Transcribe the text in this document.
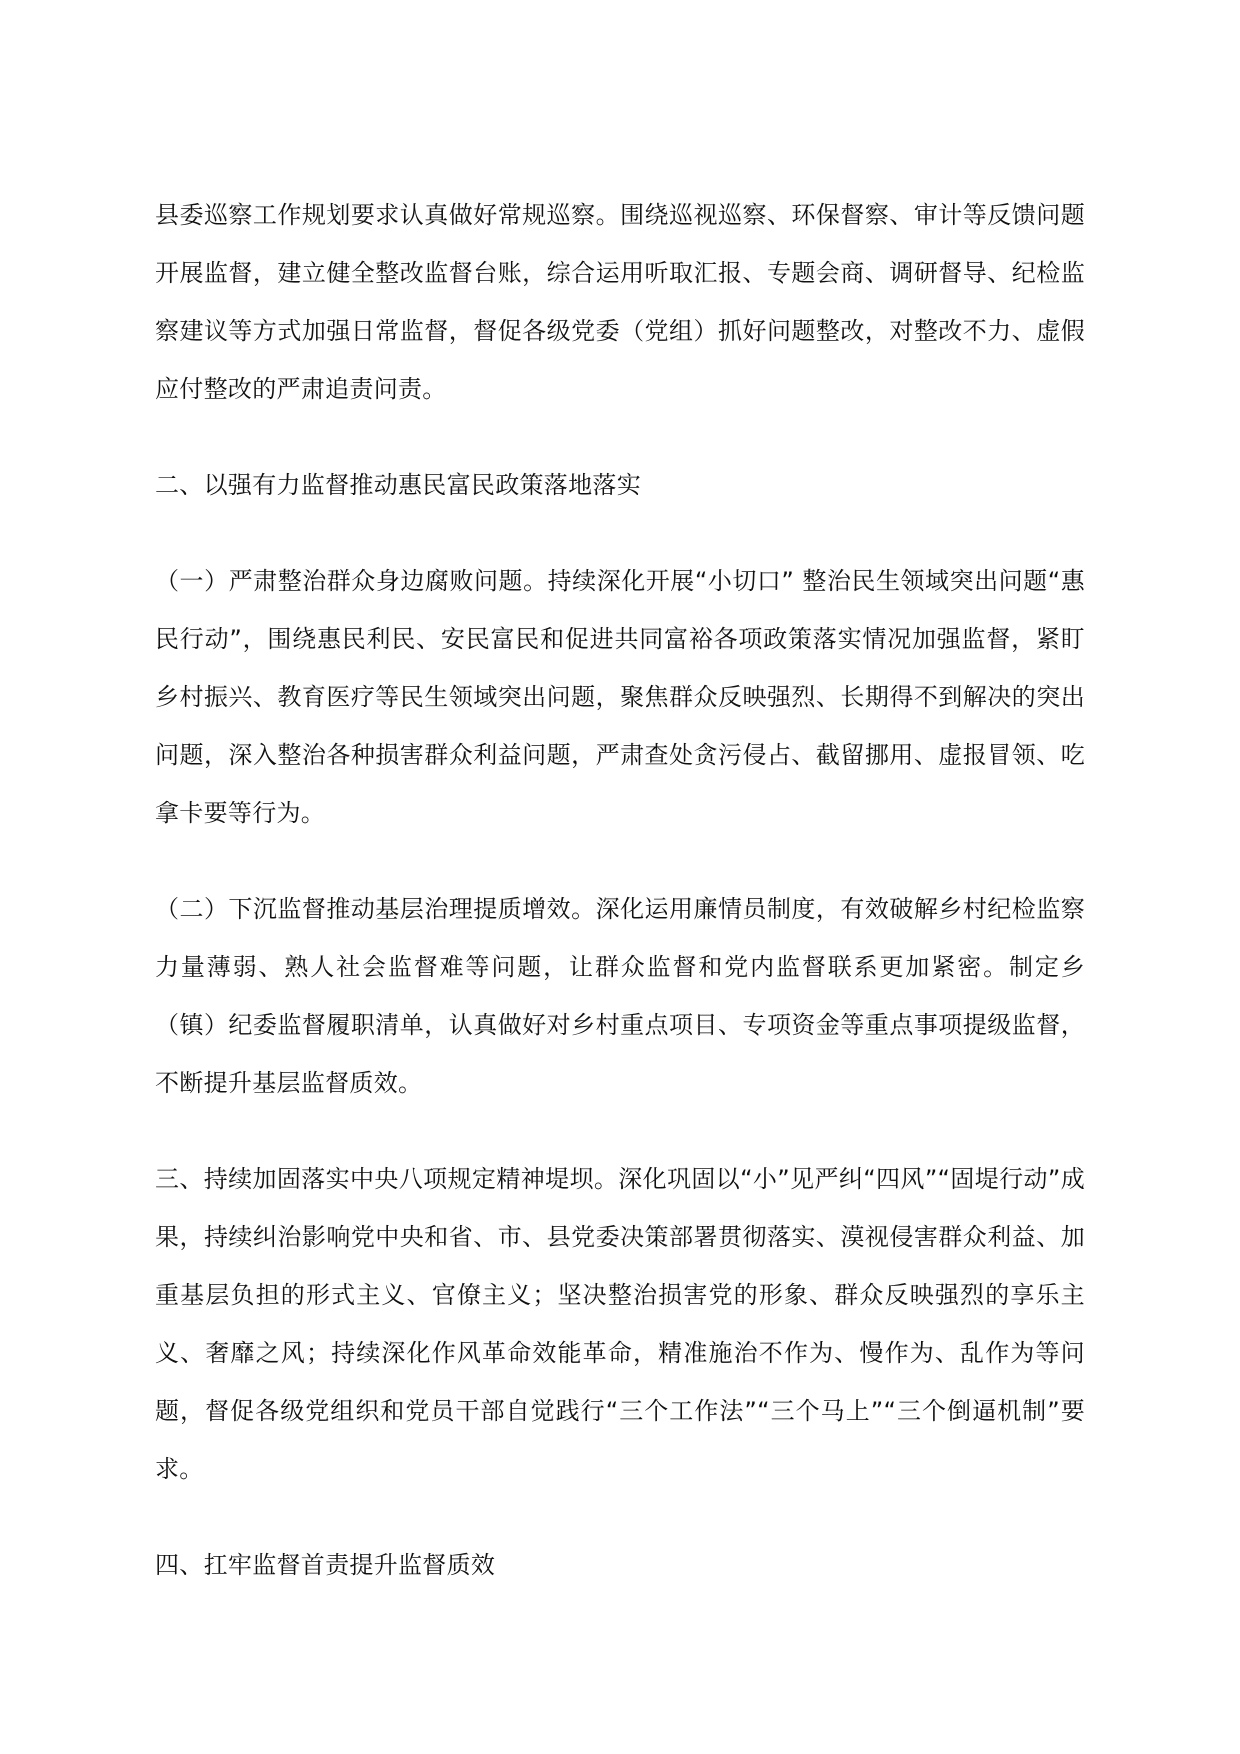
县委巡察工作规划要求认真做好常规巡察。围绕巡视巡察、环保督察、审计等反馈问题开展监督，建立健全整改监督台账，综合运用听取汇报、专题会商、调研督导、纪检监察建议等方式加强日常监督，督促各级党委（党组）抓好问题整改，对整改不力、虚假应付整改的严肃追责问责。

二、以强有力监督推动惠民富民政策落地落实

（一）严肃整治群众身边腐败问题。持续深化开展“小切口” 整治民生领域突出问题“惠民行动”，围绕惠民利民、安民富民和促进共同富裕各项政策落实情况加强监督，紧盯乡村振兴、教育医疗等民生领域突出问题，聚焦群众反映强烈、长期得不到解决的突出问题，深入整治各种损害群众利益问题，严肃查处贪污侵占、截留挪用、虚报冒领、吃拿卡要等行为。

（二）下沉监督推动基层治理提质增效。深化运用廉情员制度，有效破解乡村纪检监察力量薄弱、熟人社会监督难等问题，让群众监督和党内监督联系更加紧密。制定乡（镇）纪委监督履职清单，认真做好对乡村重点项目、专项资金等重点事项提级监督，不断提升基层监督质效。

三、持续加固落实中央八项规定精神堤坝。深化巩固以“小”见严纠“四风”“固堤行动”成果，持续纠治影响党中央和省、市、县党委决策部署贯彻落实、漠视侵害群众利益、加重基层负担的形式主义、官僚主义；坚决整治损害党的形象、群众反映强烈的享乐主义、奢靡之风；持续深化作风革命效能革命，精准施治不作为、慢作为、乱作为等问题，督促各级党组织和党员干部自觉践行“三个工作法”“三个马上”“三个倒逼机制”要求。

四、扛牢监督首责提升监督质效
